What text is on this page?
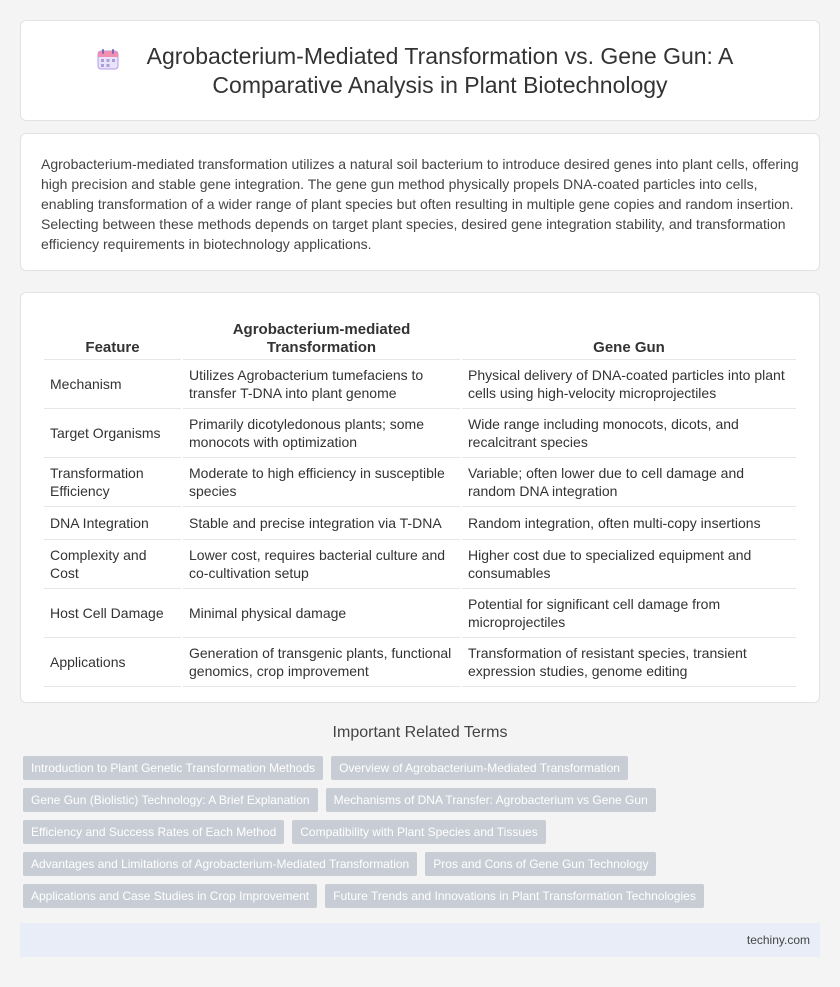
Agrobacterium-Mediated Transformation vs. Gene Gun: A Comparative Analysis in Plant Biotechnology

Agrobacterium-mediated transformation utilizes a natural soil bacterium to introduce desired genes into plant cells, offering high precision and stable gene integration. The gene gun method physically propels DNA-coated particles into cells, enabling transformation of a wider range of plant species but often resulting in multiple gene copies and random insertion. Selecting between these methods depends on target plant species, desired gene integration stability, and transformation efficiency requirements in biotechnology applications.

Feature	Agrobacterium-mediated Transformation	Gene Gun
Mechanism	Utilizes Agrobacterium tumefaciens to transfer T-DNA into plant genome	Physical delivery of DNA-coated particles into plant cells using high-velocity microprojectiles
Target Organisms	Primarily dicotyledonous plants; some monocots with optimization	Wide range including monocots, dicots, and recalcitrant species
Transformation Efficiency	Moderate to high efficiency in susceptible species	Variable; often lower due to cell damage and random DNA integration
DNA Integration	Stable and precise integration via T-DNA	Random integration, often multi-copy insertions
Complexity and Cost	Lower cost, requires bacterial culture and co-cultivation setup	Higher cost due to specialized equipment and consumables
Host Cell Damage	Minimal physical damage	Potential for significant cell damage from microprojectiles
Applications	Generation of transgenic plants, functional genomics, crop improvement	Transformation of resistant species, transient expression studies, genome editing
Important Related Terms
Introduction to Plant Genetic Transformation Methods	Overview of Agrobacterium-Mediated Transformation
Gene Gun (Biolistic) Technology: A Brief Explanation	Mechanisms of DNA Transfer: Agrobacterium vs Gene Gun
Efficiency and Success Rates of Each Method	Compatibility with Plant Species and Tissues
Advantages and Limitations of Agrobacterium-Mediated Transformation	Pros and Cons of Gene Gun Technology
Applications and Case Studies in Crop Improvement	Future Trends and Innovations in Plant Transformation Technologies
techiny.com
